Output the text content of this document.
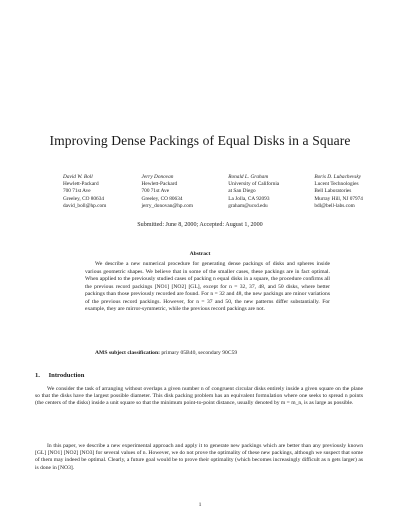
Improving Dense Packings of Equal Disks in a Square
David W. Boll
Hewlett-Packard
700 71st Ave
Greeley, CO 80634
david_boll@hp.com
Jerry Donovan
Hewlett-Packard
700 71st Ave
Greeley, CO 80634
jerry_donovan@hp.com
Ronald L. Graham
University of California
at San Diego
La Jolla, CA 92093
graham@ucsd.edu
Boris D. Lubachevsky
Lucent Technologies
Bell Laboratories
Murray Hill, NJ 07974
bdl@bell-labs.com
Submitted: June 8, 2000; Accepted: August 1, 2000
Abstract
We describe a new numerical procedure for generating dense packings of disks and spheres inside various geometric shapes. We believe that in some of the smaller cases, these packings are in fact optimal. When applied to the previously studied cases of packing n equal disks in a square, the procedure confirms all the previous record packings [NO1] [NO2] [GL], except for n = 32, 37, 48, and 50 disks, where better packings than those previously recorded are found. For n = 32 and 48, the new packings are minor variations of the previous record packings. However, for n = 37 and 50, the new patterns differ substantially. For example, they are mirror-symmetric, while the previous record packings are not.
AMS subject classification: primary 05B40, secondary 90C59
1. Introduction
We consider the task of arranging without overlaps a given number n of congruent circular disks entirely inside a given square on the plane so that the disks have the largest possible diameter. This disk packing problem has an equivalent formulation where one seeks to spread n points (the centers of the disks) inside a unit square so that the minimum point-to-point distance, usually denoted by m = m_n, is as large as possible.
In this paper, we describe a new experimental approach and apply it to generate new packings which are better than any previously known [GL] [NO1] [NO2] [NO3] for several values of n. However, we do not prove the optimality of these new packings, although we suspect that some of them may indeed be optimal. Clearly, a future goal would be to prove their optimality (which becomes increasingly difficult as n gets larger) as is done in [NO3].
1
